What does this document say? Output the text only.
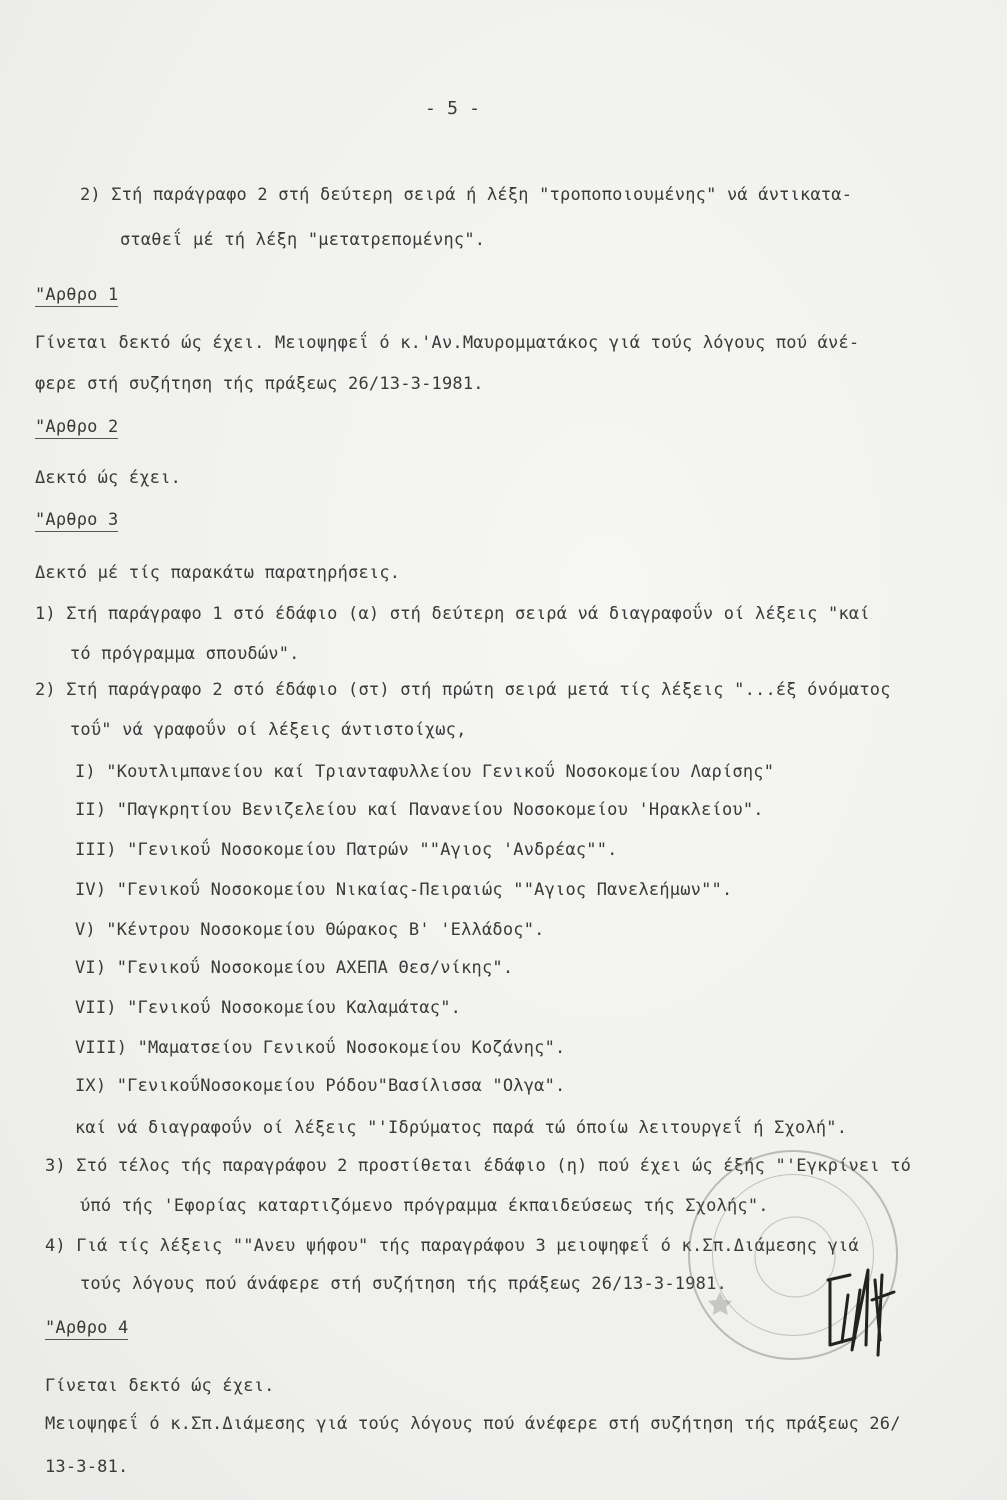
- 5 -
2) Στή παράγραφο 2 στή δεύτερη σειρά ή λέξη "τροποποιουμένης" νά άντικατα-
σταθεΐ μέ τή λέξη "μετατρεπομένης".
"Αρθρο 1
Γίνεται δεκτό ώς έχει. Μειοψηφεΐ ό κ.'Αν.Μαυρομματάκος γιά τούς λόγους πού άνέ-
φερε στή συζήτηση τής πράξεως 26/13-3-1981.
"Αρθρο 2
Δεκτό ώς έχει.
"Αρθρο 3
Δεκτό μέ τίς παρακάτω παρατηρήσεις.
1) Στή παράγραφο 1 στό έδάφιο (α) στή δεύτερη σειρά νά διαγραφοΰν οί λέξεις "καί
τό πρόγραμμα σπουδών".
2) Στή παράγραφο 2 στό έδάφιο (στ) στή πρώτη σειρά μετά τίς λέξεις "...έξ όνόματος
τοΰ" νά γραφοΰν οί λέξεις άντιστοίχως,
I) "Κουτλιμπανείου καί Τριανταφυλλείου Γενικοΰ Νοσοκομείου Λαρίσης"
II) "Παγκρητίου Βενιζελείου καί Πανανείου Νοσοκομείου 'Ηρακλείου".
III) "Γενικοΰ Νοσοκομείου Πατρών ""Αγιος 'Ανδρέας"".
IV) "Γενικοΰ Νοσοκομείου Νικαίας-Πειραιώς ""Αγιος Πανελεήμων"".
V) "Κέντρου Νοσοκομείου Θώρακος Β' 'Ελλάδος".
VI) "Γενικοΰ Νοσοκομείου ΑΧΕΠΑ Θεσ/νίκης".
VII) "Γενικοΰ Νοσοκομείου Καλαμάτας".
VIII) "Μαματσείου Γενικοΰ Νοσοκομείου Κοζάνης".
IX) "ΓενικοΰΝοσοκομείου Ρόδου"Βασίλισσα "Ολγα".
καί νά διαγραφοΰν οί λέξεις "'Ιδρύματος παρά τώ όποίω λειτουργεΐ ή Σχολή".
3) Στό τέλος τής παραγράφου 2 προστίθεται έδάφιο (η) πού έχει ώς έξής "'Εγκρίνει τό
ύπό τής 'Εφορίας καταρτιζόμενο πρόγραμμα έκπαιδεύσεως τής Σχολής".
4) Γιά τίς λέξεις ""Ανευ ψήφου" τής παραγράφου 3 μειοψηφεΐ ό κ.Σπ.Διάμεσης γιά
τούς λόγους πού άνάφερε στή συζήτηση τής πράξεως 26/13-3-1981.
"Αρθρο 4
Γίνεται δεκτό ώς έχει.
Μειοψηφεΐ ό κ.Σπ.Διάμεσης γιά τούς λόγους πού άνέφερε στή συζήτηση τής πράξεως 26/
13-3-81.
